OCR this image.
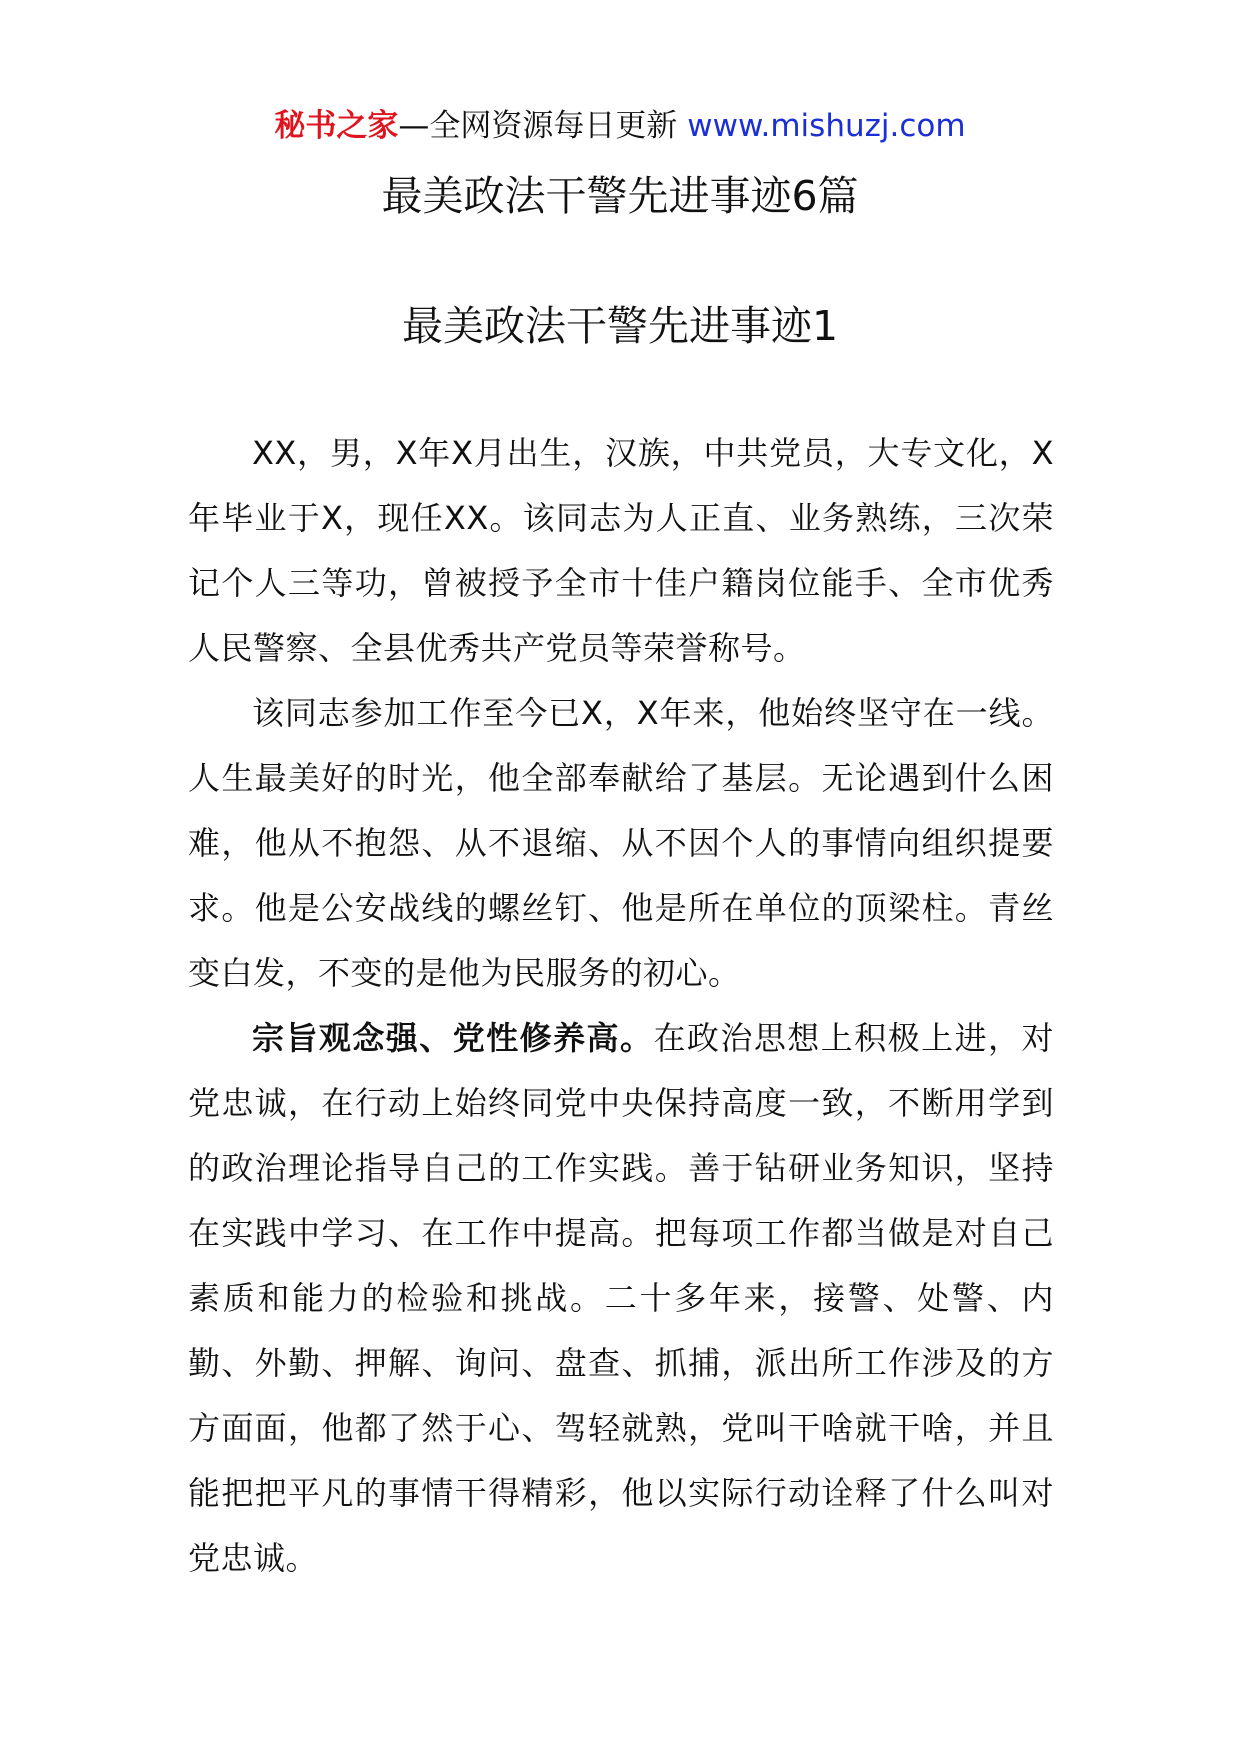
秘书之家—全网资源每日更新 www.mishuzj.com
最美政法干警先进事迹6篇
最美政法干警先进事迹1

XX，男，X年X月出生，汉族，中共党员，大专文化，X年毕业于X，现任XX。该同志为人正直、业务熟练，三次荣记个人三等功，曾被授予全市十佳户籍岗位能手、全市优秀人民警察、全县优秀共产党员等荣誉称号。

该同志参加工作至今已X，X年来，他始终坚守在一线。人生最美好的时光，他全部奉献给了基层。无论遇到什么困难，他从不抱怨、从不退缩、从不因个人的事情向组织提要求。他是公安战线的螺丝钉、他是所在单位的顶梁柱。青丝变白发，不变的是他为民服务的初心。

宗旨观念强、党性修养高。在政治思想上积极上进，对党忠诚，在行动上始终同党中央保持高度一致，不断用学到的政治理论指导自己的工作实践。善于钻研业务知识，坚持在实践中学习、在工作中提高。把每项工作都当做是对自己素质和能力的检验和挑战。二十多年来，接警、处警、内勤、外勤、押解、询问、盘查、抓捕，派出所工作涉及的方方面面，他都了然于心、驾轻就熟，党叫干啥就干啥，并且能把把平凡的事情干得精彩，他以实际行动诠释了什么叫对党忠诚。
